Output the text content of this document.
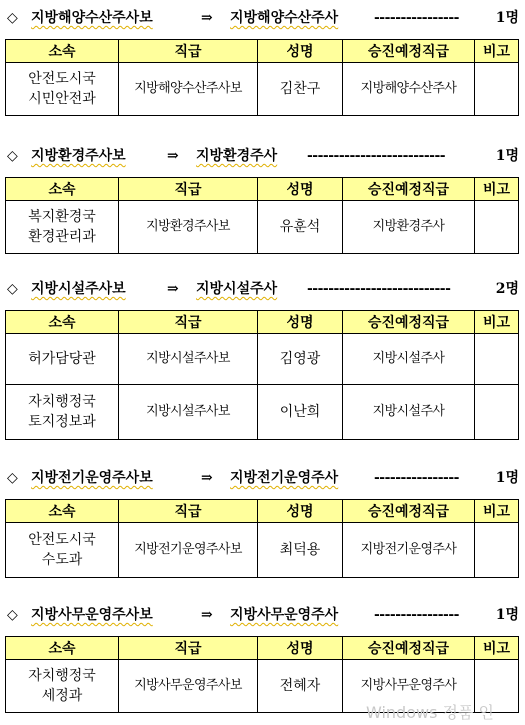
◇ 지방해양수산주사보	⇒ 지방해양수산주사	----------------	1명
소속	직급	성명	승진예정직급	비고
안전도시국
시민안전과	지방해양수산주사보	김찬구	지방해양수산주사	
◇ 지방환경주사보	⇒ 지방환경주사 --------------------------	1명
소속	직급	성명	승진예정직급	비고
복지환경국
환경관리과	지방환경주사보	유훈석	지방환경주사	
◇ 지방시설주사보	⇒ 지방시설주사 ---------------------------	2명
소속	직급	성명	승진예정직급	비고
허가담당관	지방시설주사보	김영광	지방시설주사	
자치행정국
토지정보과	지방시설주사보	이난희	지방시설주사	
◇ 지방전기운영주사보	⇒ 지방전기운영주사	----------------	1명
소속	직급	성명	승진예정직급	비고
안전도시국
수도과	지방전기운영주사보	최덕용	지방전기운영주사	
◇ 지방사무운영주사보	⇒ 지방사무운영주사	----------------	1명
소속	직급	성명	승진예정직급	비고
자치행정국
세정과	지방사무운영주사보	전혜자	지방사무운영주사	
Windows 정품 인
